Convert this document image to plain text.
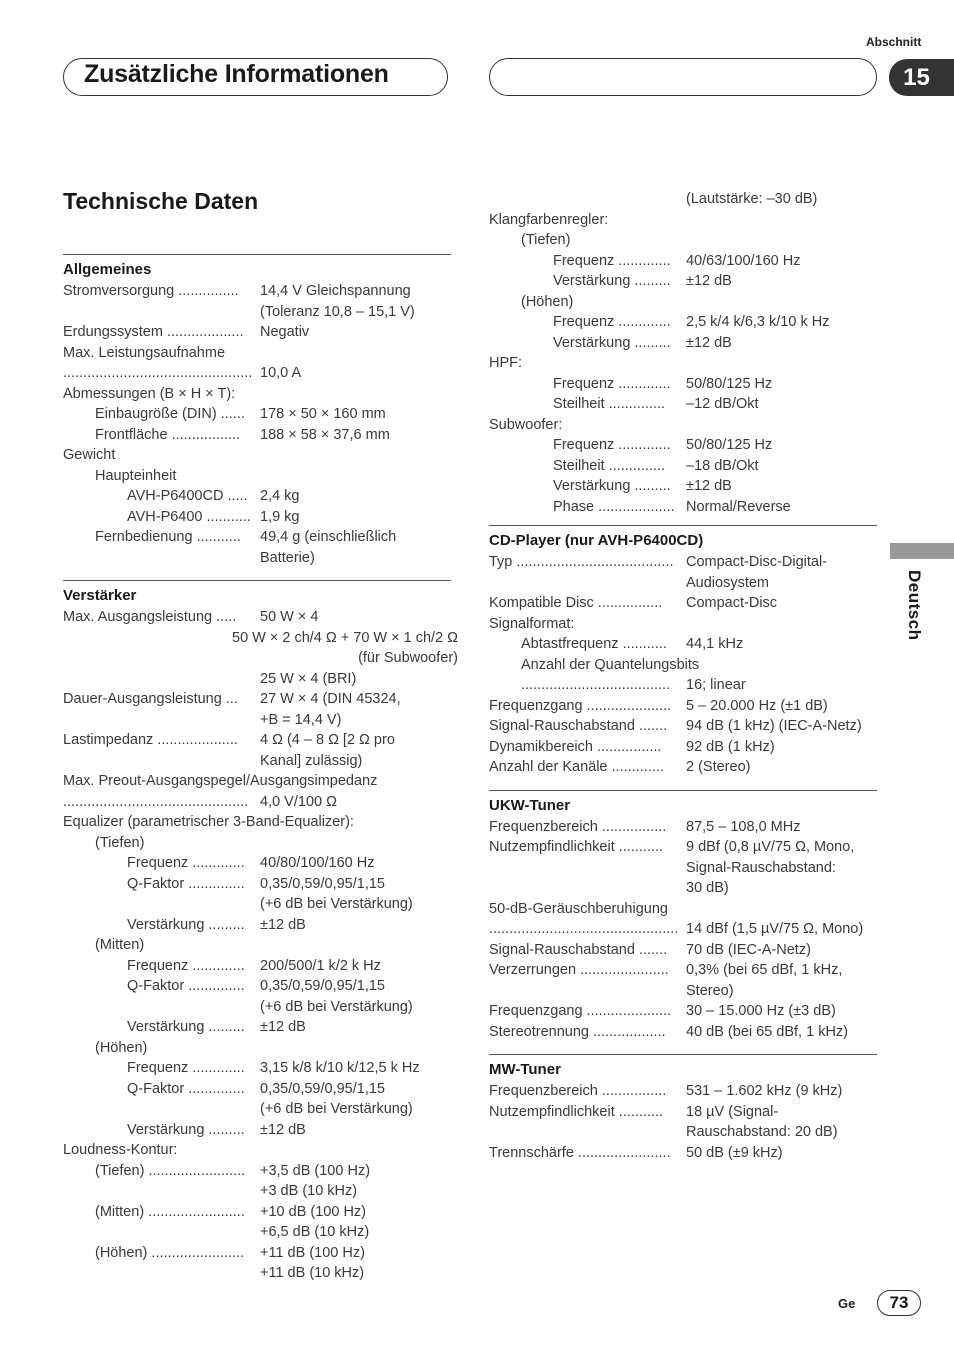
Abschnitt
Zusätzliche Informationen	15
Technische Daten
Allgemeines
Stromversorgung ............... 14,4 V Gleichspannung
(Toleranz 10,8 – 15,1 V)
Erdungssystem ................... Negativ
Max. Leistungsaufnahme
............................................... 10,0 A
Abmessungen (B × H × T):
Einbaugröße (DIN) ...... 178 × 50 × 160 mm
Frontfläche ................. 188 × 58 × 37,6 mm
Gewicht
Haupteinheit
AVH-P6400CD ..... 2,4 kg
AVH-P6400 ........... 1,9 kg
Fernbedienung ........... 49,4 g (einschließlich
Batterie)
Verstärker
Max. Ausgangsleistung ..... 50 W × 4
50 W × 2 ch/4 Ω + 70 W × 1 ch/2 Ω
(für Subwoofer)
25 W × 4 (BRI)
Dauer-Ausgangsleistung ... 27 W × 4 (DIN 45324,
+B = 14,4 V)
Lastimpedanz .................... 4 Ω (4 – 8 Ω [2 Ω pro
Kanal] zulässig)
Max. Preout-Ausgangspegel/Ausgangsimpedanz
.............................................. 4,0 V/100 Ω
Equalizer (parametrischer 3-Band-Equalizer):
(Tiefen)
Frequenz ............. 40/80/100/160 Hz
Q-Faktor .............. 0,35/0,59/0,95/1,15
(+6 dB bei Verstärkung)
Verstärkung ......... ±12 dB
(Mitten)
Frequenz ............. 200/500/1 k/2 k Hz
Q-Faktor .............. 0,35/0,59/0,95/1,15
(+6 dB bei Verstärkung)
Verstärkung ......... ±12 dB
(Höhen)
Frequenz ............. 3,15 k/8 k/10 k/12,5 k Hz
Q-Faktor .............. 0,35/0,59/0,95/1,15
(+6 dB bei Verstärkung)
Verstärkung ......... ±12 dB
Loudness-Kontur:
(Tiefen) ........................ +3,5 dB (100 Hz)
+3 dB (10 kHz)
(Mitten) ........................ +10 dB (100 Hz)
+6,5 dB (10 kHz)
(Höhen) ....................... +11 dB (100 Hz)
+11 dB (10 kHz)
(Lautstärke: –30 dB)
Klangfarbenregler:
(Tiefen)
Frequenz ............. 40/63/100/160 Hz
Verstärkung ......... ±12 dB
(Höhen)
Frequenz ............. 2,5 k/4 k/6,3 k/10 k Hz
Verstärkung ......... ±12 dB
HPF:
Frequenz ............. 50/80/125 Hz
Steilheit .............. –12 dB/Okt
Subwoofer:
Frequenz ............. 50/80/125 Hz
Steilheit .............. –18 dB/Okt
Verstärkung ......... ±12 dB
Phase ................... Normal/Reverse
CD-Player (nur AVH-P6400CD)
Typ ....................................... Compact-Disc-Digital-
Audiosystem
Kompatible Disc ................ Compact-Disc
Signalformat:
Abtastfrequenz ........... 44,1 kHz
Anzahl der Quantelungsbits
..................................... 16; linear
Frequenzgang ..................... 5 – 20.000 Hz (±1 dB)
Signal-Rauschabstand ....... 94 dB (1 kHz) (IEC-A-Netz)
Dynamikbereich ................ 92 dB (1 kHz)
Anzahl der Kanäle ............. 2 (Stereo)
UKW-Tuner
Frequenzbereich ................ 87,5 – 108,0 MHz
Nutzempfindlichkeit ........... 9 dBf (0,8 µV/75 Ω, Mono,
Signal-Rauschabstand:
30 dB)
50-dB-Geräuschberuhigung
............................................... 14 dBf (1,5 µV/75 Ω, Mono)
Signal-Rauschabstand ....... 70 dB (IEC-A-Netz)
Verzerrungen ...................... 0,3% (bei 65 dBf, 1 kHz,
Stereo)
Frequenzgang ..................... 30 – 15.000 Hz (±3 dB)
Stereotrennung .................. 40 dB (bei 65 dBf, 1 kHz)
MW-Tuner
Frequenzbereich ................ 531 – 1.602 kHz (9 kHz)
Nutzempfindlichkeit ........... 18 µV (Signal-
Rauschabstand: 20 dB)
Trennschärfe ....................... 50 dB (±9 kHz)
Deutsch
Ge	73
